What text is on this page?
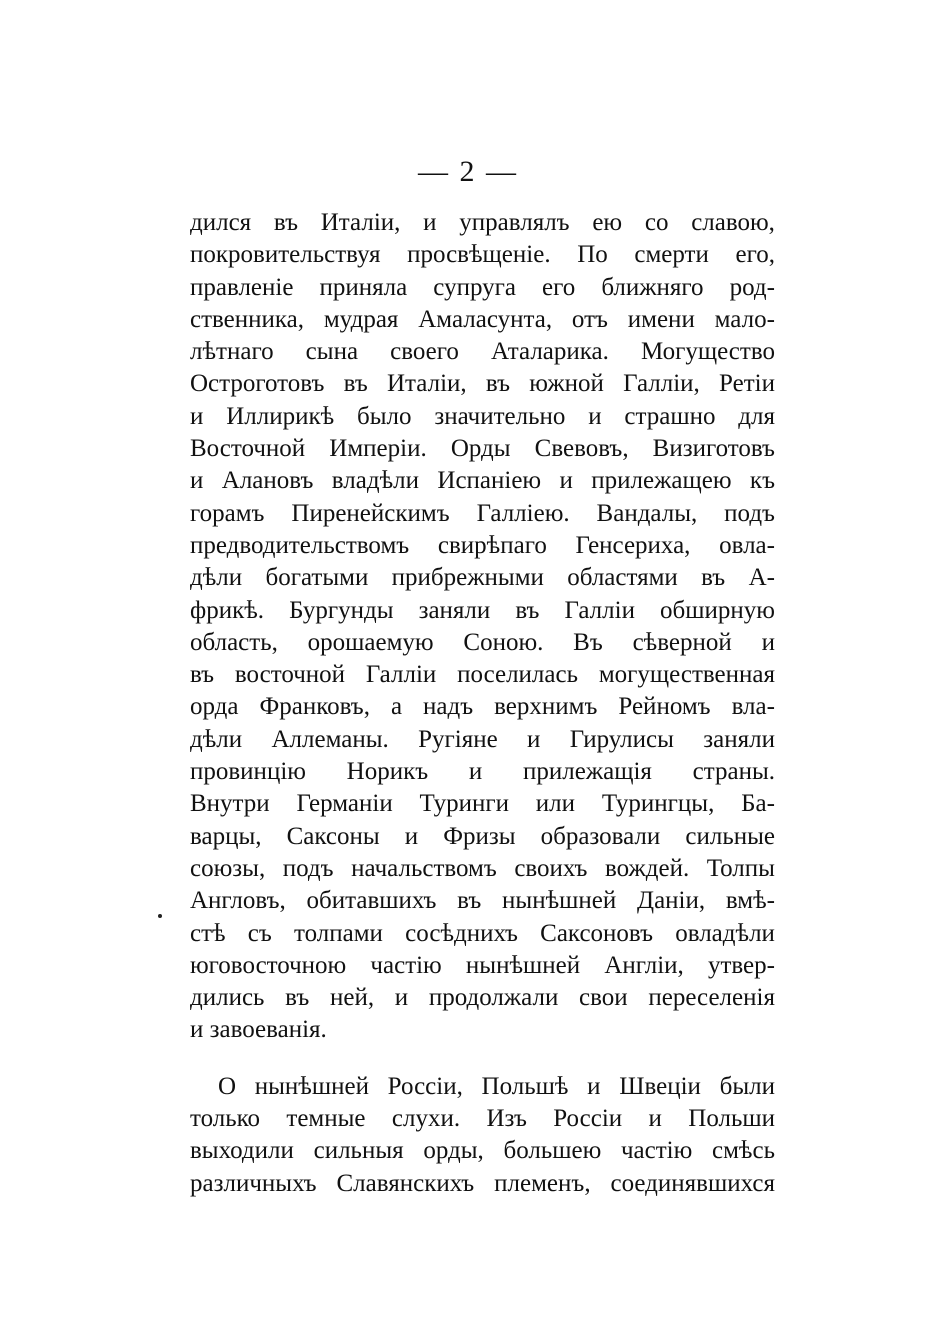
— 2 —
дился въ Италіи, и управлялъ ею со славою,
покровительствуя просвѣщеніе. По смерти его,
правленіе приняла супруга его ближняго род-
ственника, мудрая Амаласунта, отъ имени мало-
лѣтнаго сына своего Аталарика. Могущество
Остроготовъ въ Италіи, въ южной Галліи, Ретіи
и Иллирикѣ было значительно и страшно для
Восточной Имперіи. Орды Свевовъ, Визиготовъ
и Алановъ владѣли Испаніею и прилежащею къ
горамъ Пиренейскимъ Галліею. Вандалы, подъ
предводительствомъ свирѣпаго Генсериха, овла-
дѣли богатыми прибрежными областями въ А-
фрикѣ. Бургунды заняли въ Галліи обширную
область, орошаемую Сонoю. Въ сѣверной и
въ восточной Галліи поселилась могущественная
орда Франковъ, а надъ верхнимъ Рейномъ вла-
дѣли Аллеманы. Ругіяне и Гирулисы заняли
провинцію Норикъ и прилежащія страны.
Внутри Германіи Туринги или Турингцы, Ба-
варцы, Саксоны и Фризы образовали сильные
союзы, подъ начальствомъ своихъ вождей. Толпы
Англовъ, обитавшихъ въ нынѣшней Даніи, вмѣ-
стѣ съ толпами сосѣднихъ Саксоновъ овладѣли
юговосточною частію нынѣшней Англіи, утвер-
дились въ ней, и продолжали свои переселенія
и завоеванія.
О нынѣшней Россіи, Польшѣ и Швеціи были
только темные слухи. Изъ Россіи и Польши
выходили сильныя орды, большею частію смѣсь
различныхъ Славянскихъ племенъ, соединявшихся
